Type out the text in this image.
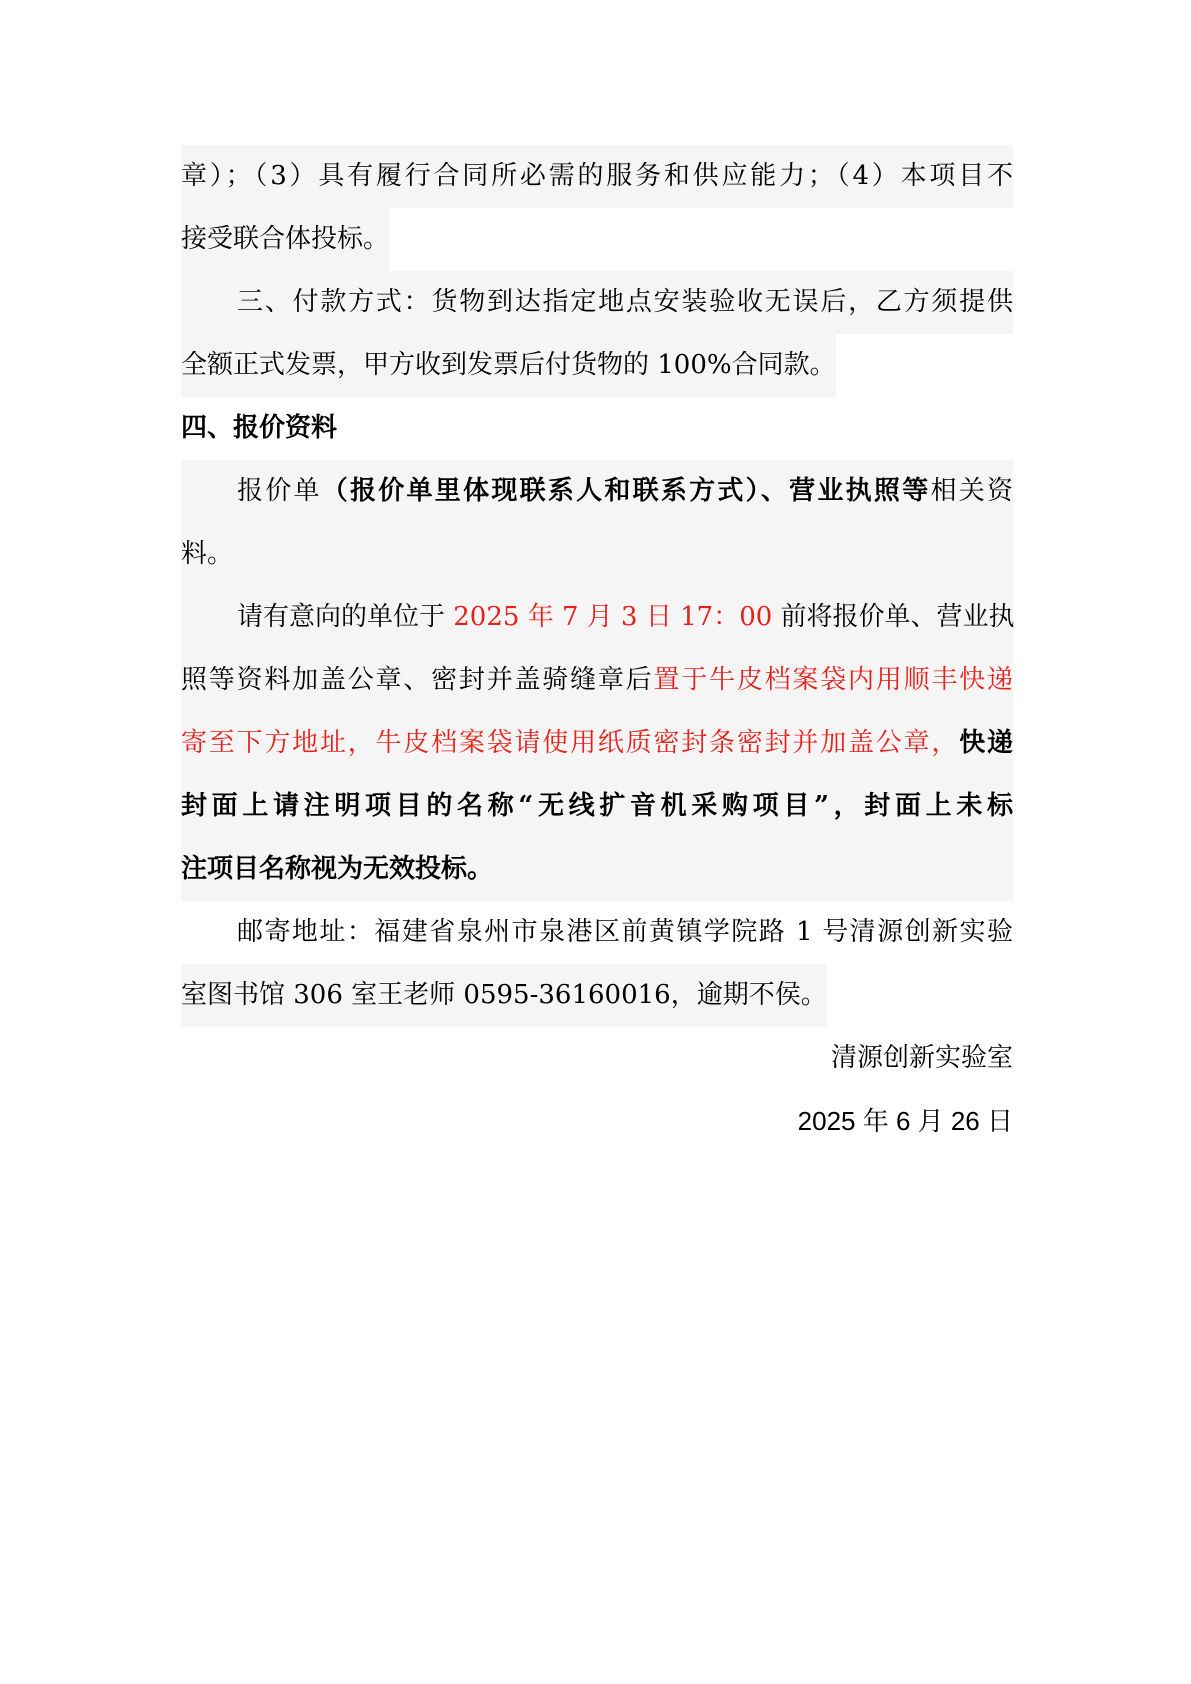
章）；（3）具有履行合同所必需的服务和供应能力；（4）本项目不
接受联合体投标。
三、付款方式：货物到达指定地点安装验收无误后，乙方须提供
全额正式发票，甲方收到发票后付货物的 100%合同款。
四、报价资料
报价单（报价单里体现联系人和联系方式）、营业执照等相关资
料。
请有意向的单位于 2025 年 7 月 3 日 17：00 前将报价单、营业执
照等资料加盖公章、密封并盖骑缝章后置于牛皮档案袋内用顺丰快递
寄至下方地址，牛皮档案袋请使用纸质密封条密封并加盖公章，快递
封面上请注明项目的名称“无线扩音机采购项目”，封面上未标
注项目名称视为无效投标。
邮寄地址：福建省泉州市泉港区前黄镇学院路 1 号清源创新实验
室图书馆 306 室王老师 0595-36160016，逾期不侯。
清源创新实验室
2025 年 6 月 26 日
